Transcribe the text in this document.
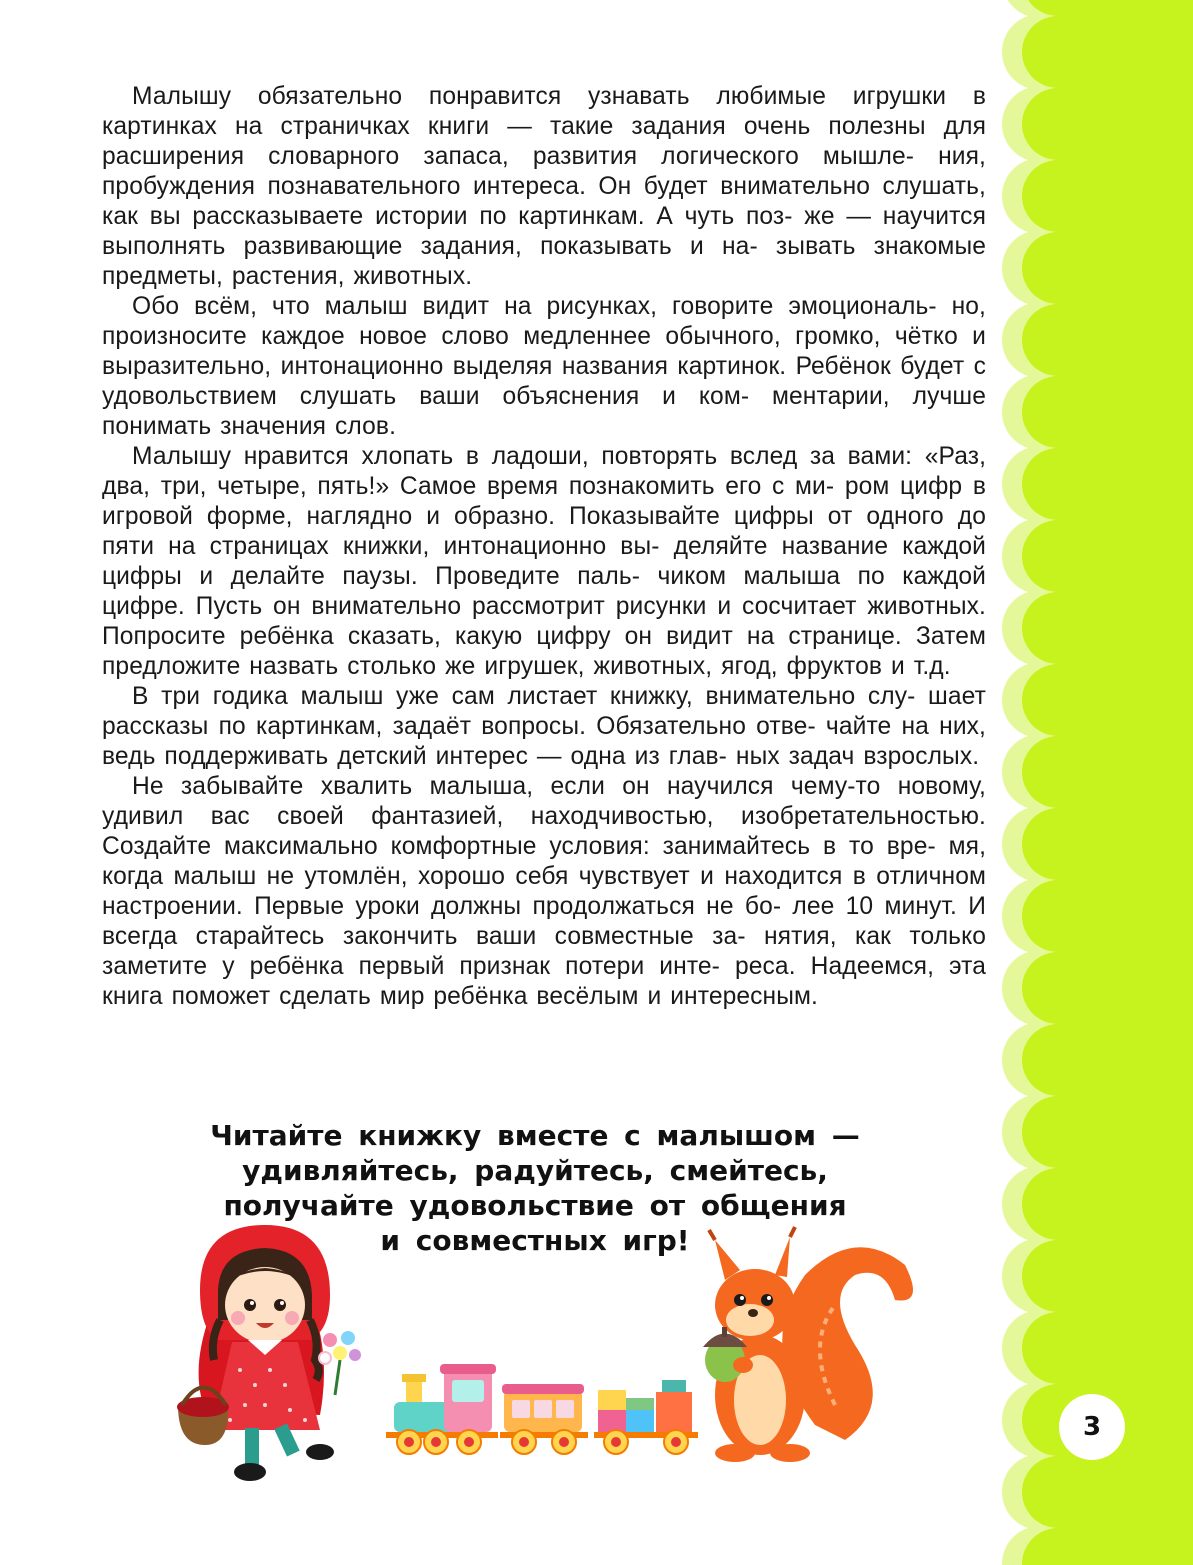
Малышу обязательно понравится узнавать любимые игрушки в картинках на страничках книги — такие задания очень полезны для расширения словарного запаса, развития логического мышле- ния, пробуждения познавательного интереса. Он будет внимательно слушать, как вы рассказываете истории по картинкам. А чуть поз- же — научится выполнять развивающие задания, показывать и на- зывать знакомые предметы, растения, животных.

Обо всём, что малыш видит на рисунках, говорите эмоциональ- но, произносите каждое новое слово медленнее обычного, громко, чётко и выразительно, интонационно выделяя названия картинок. Ребёнок будет с удовольствием слушать ваши объяснения и ком- ментарии, лучше понимать значения слов.

Малышу нравится хлопать в ладоши, повторять вслед за вами: «Раз, два, три, четыре, пять!» Самое время познакомить его с ми- ром цифр в игровой форме, наглядно и образно. Показывайте цифры от одного до пяти на страницах книжки, интонационно вы- деляйте название каждой цифры и делайте паузы. Проведите паль- чиком малыша по каждой цифре. Пусть он внимательно рассмотрит рисунки и сосчитает животных. Попросите ребёнка сказать, какую цифру он видит на странице. Затем предложите назвать столько же игрушек, животных, ягод, фруктов и т.д.

В три годика малыш уже сам листает книжку, внимательно слу- шает рассказы по картинкам, задаёт вопросы. Обязательно отве- чайте на них, ведь поддерживать детский интерес — одна из глав- ных задач взрослых.

Не забывайте хвалить малыша, если он научился чему-то новому, удивил вас своей фантазией, находчивостью, изобретательностью. Создайте максимально комфортные условия: занимайтесь в то вре- мя, когда малыш не утомлён, хорошо себя чувствует и находится в отличном настроении. Первые уроки должны продолжаться не бо- лее 10 минут. И всегда старайтесь закончить ваши совместные за- нятия, как только заметите у ребёнка первый признак потери инте- реса. Надеемся, эта книга поможет сделать мир ребёнка весёлым и интересным.

Читайте книжку вместе с малышом —
удивляйтесь, радуйтесь, смейтесь,
получайте удовольствие от общения
и совместных игр!
3
